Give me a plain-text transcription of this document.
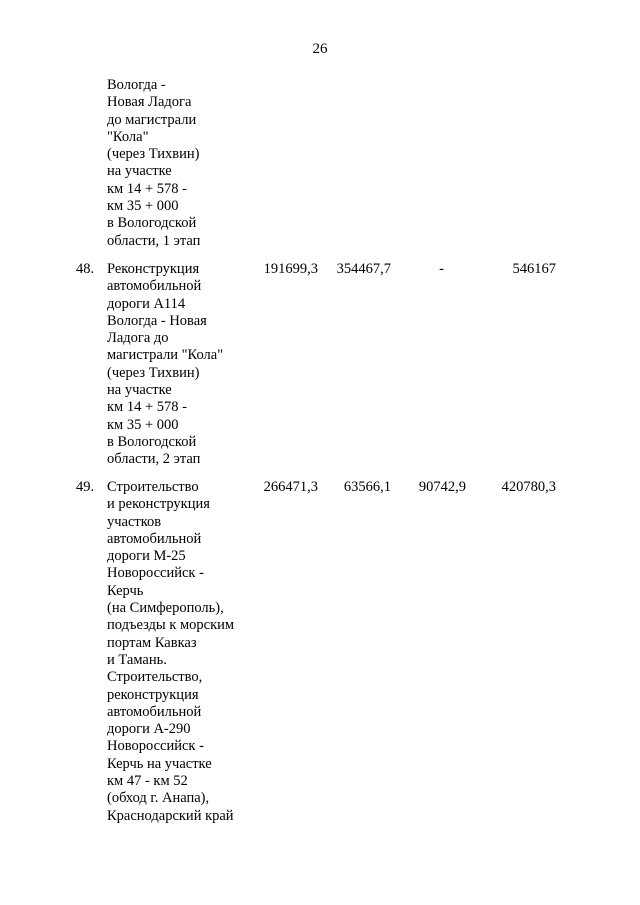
26
Вологда -
Новая Ладога
до магистрали
"Кола"
(через Тихвин)
на участке
км 14 + 578 -
км 35 + 000
в Вологодской
области, 1 этап
48. Реконструкция
автомобильной
дороги А114
Вологда - Новая
Ладога до
магистрали "Кола"
(через Тихвин)
на участке
км 14 + 578 -
км 35 + 000
в Вологодской
области, 2 этап
191699,3 354467,7	-	546167
49. Строительство
и реконструкция
участков
автомобильной
дороги М-25
Новороссийск -
Керчь
(на Симферополь),
подъезды к морским
портам Кавказ
и Тамань.
Строительство,
реконструкция
автомобильной
дороги А-290
Новороссийск -
Керчь на участке
км 47 - км 52
(обход г. Анапа),
Краснодарский край
266471,3 63566,1 90742,9 420780,3
